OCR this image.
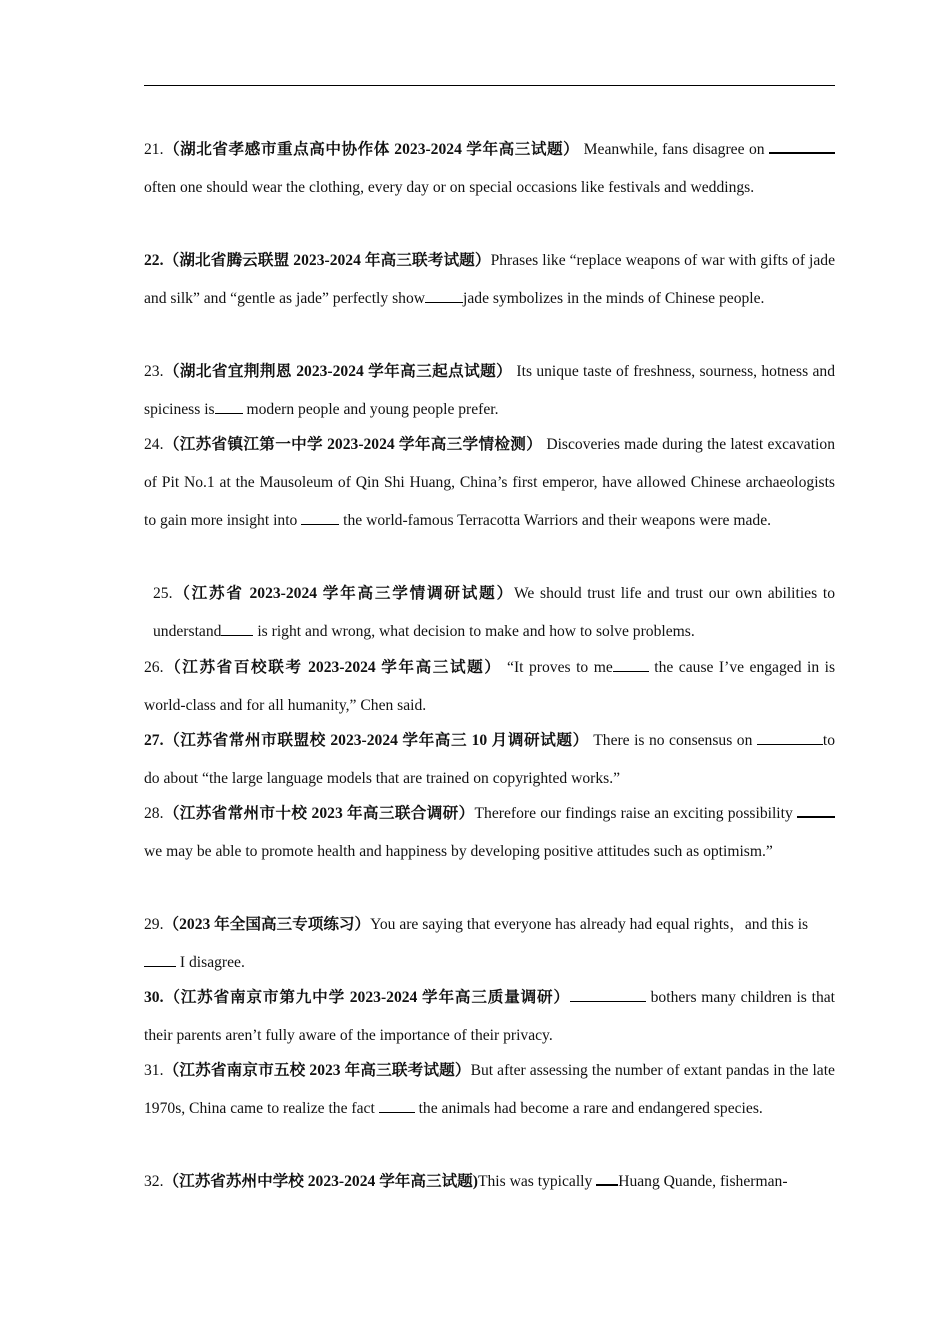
21.（湖北省孝感市重点高中协作体 2023-2024 学年高三试题） Meanwhile, fans disagree on often one should wear the clothing, every day or on special occasions like festivals and weddings.
22.（湖北省腾云联盟 2023-2024 年高三联考试题）Phrases like “replace weapons of war with gifts of jade and silk” and “gentle as jade” perfectly show jade symbolizes in the minds of Chinese people.
23.（湖北省宜荆荆恩 2023-2024 学年高三起点试题） Its unique taste of freshness, sourness, hotness and spiciness is modern people and young people prefer.
24.（江苏省镇江第一中学 2023-2024 学年高三学情检测） Discoveries made during the latest excavation of Pit No.1 at the Mausoleum of Qin Shi Huang, China’s first emperor, have allowed Chinese archaeologists to gain more insight into  the world-famous Terracotta Warriors and their weapons were made.
25.（江苏省 2023-2024 学年高三学情调研试题）We should trust life and trust our own abilities to understand is right and wrong, what decision to make and how to solve problems.
26.（江苏省百校联考 2023-2024 学年高三试题） “It proves to me the cause I’ve engaged in is world-class and for all humanity,” Chen said.
27.（江苏省常州市联盟校 2023-2024 学年高三 10 月调研试题） There is no consensus on	to do about “the large language models that are trained on copyrighted works.”
28.（江苏省常州市十校 2023 年高三联合调研）Therefore our findings raise an exciting possibility  we may be able to promote health and happiness by developing positive attitudes such as optimism.”
29.（2023 年全国高三专项练习）You are saying that everyone has already had equal rights，and this is  I disagree.
30.（江苏省南京市第九中学 2023-2024 学年高三质量调研）	bothers many children is that their parents aren’t fully aware of the importance of their privacy.
31.（江苏省南京市五校 2023 年高三联考试题）But after assessing the number of extant pandas in the late 1970s, China came to realize the fact  the animals had become a rare and endangered species.
32.（江苏省苏州中学校 2023-2024 学年高三试题)This was typically Huang Quande, fisherman-
